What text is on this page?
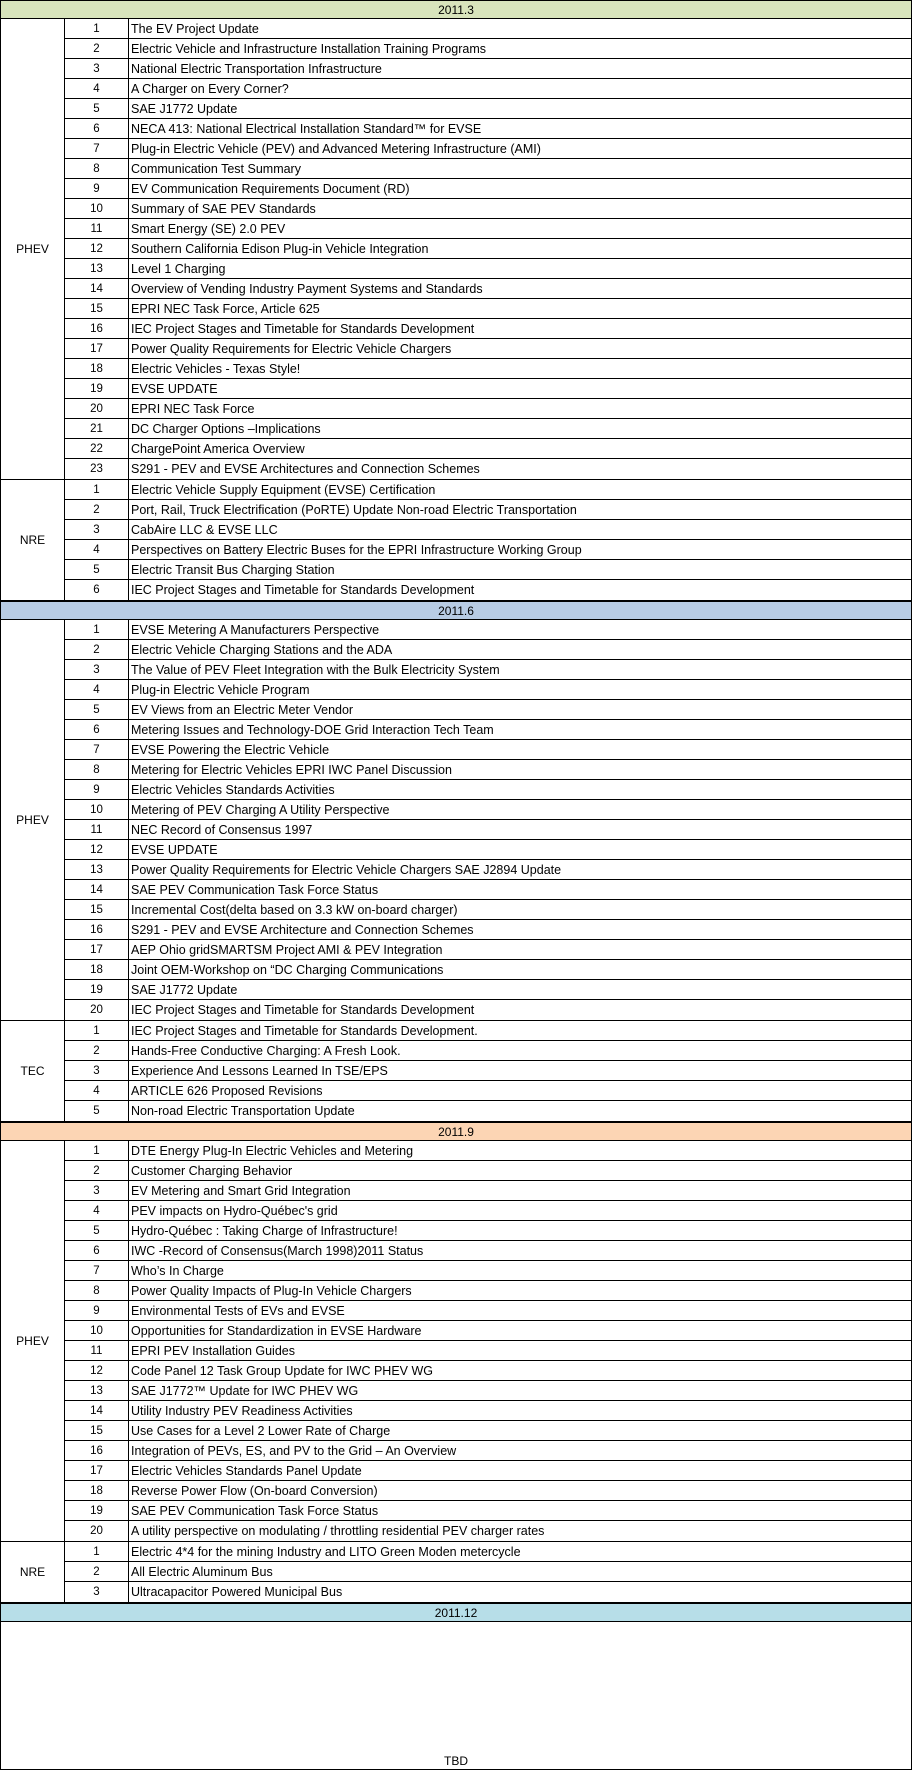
2011.3
PHEV
1	The EV Project Update
2	Electric Vehicle and Infrastructure Installation Training Programs
3	National Electric Transportation Infrastructure
4	A Charger on Every Corner?
5	SAE J1772 Update
6	NECA 413: National Electrical Installation Standard™ for EVSE
7	Plug-in Electric Vehicle (PEV) and Advanced Metering Infrastructure (AMI)
8	Communication Test Summary
9	EV Communication Requirements Document (RD)
10	Summary of SAE PEV Standards
11	Smart Energy (SE) 2.0 PEV
12	Southern California Edison Plug-in Vehicle Integration
13	Level 1 Charging
14	Overview of Vending Industry Payment Systems and Standards
15	EPRI NEC Task Force, Article 625
16	IEC Project Stages and Timetable for Standards Development
17	Power Quality Requirements for Electric Vehicle Chargers
18	Electric Vehicles - Texas Style!
19	EVSE UPDATE
20	EPRI NEC Task Force
21	DC Charger Options –Implications
22	ChargePoint America Overview
23	S291 - PEV and EVSE Architectures and Connection Schemes
NRE
1	Electric Vehicle Supply Equipment (EVSE) Certification
2	Port, Rail, Truck Electrification (PoRTE) Update Non-road Electric Transportation
3	CabAire LLC & EVSE LLC
4	Perspectives on Battery Electric Buses for the EPRI Infrastructure Working Group
5	Electric Transit Bus Charging Station
6	IEC Project Stages and Timetable for Standards Development
2011.6
PHEV
1	EVSE Metering A Manufacturers Perspective
2	Electric Vehicle Charging Stations and the ADA
3	The Value of PEV Fleet Integration with the Bulk Electricity System
4	Plug-in Electric Vehicle Program
5	EV Views from an Electric Meter Vendor
6	Metering Issues and Technology-DOE Grid Interaction Tech Team
7	EVSE Powering the Electric Vehicle
8	Metering for Electric Vehicles EPRI IWC Panel Discussion
9	Electric Vehicles Standards Activities
10	Metering of PEV Charging A Utility Perspective
11	NEC Record of Consensus 1997
12	EVSE UPDATE
13	Power Quality Requirements for Electric Vehicle Chargers SAE J2894 Update
14	SAE PEV Communication Task Force Status
15	Incremental Cost(delta based on 3.3 kW on-board charger)
16	S291 - PEV and EVSE Architecture and Connection Schemes
17	AEP Ohio gridSMARTSM Project AMI & PEV Integration
18	Joint OEM-Workshop on “DC Charging Communications
19	SAE J1772 Update
20	IEC Project Stages and Timetable for Standards Development
TEC
1	IEC Project Stages and Timetable for Standards Development.
2	Hands-Free Conductive Charging: A Fresh Look.
3	Experience And Lessons Learned In TSE/EPS
4	ARTICLE 626 Proposed Revisions
5	Non-road Electric Transportation Update
2011.9
PHEV
1	DTE Energy Plug-In Electric Vehicles and Metering
2	Customer Charging Behavior
3	EV Metering and Smart Grid Integration
4	PEV impacts on Hydro-Québec's grid
5	Hydro-Québec : Taking Charge of Infrastructure!
6	IWC -Record of Consensus(March 1998)2011 Status
7	Who’s In Charge
8	Power Quality Impacts of Plug-In Vehicle Chargers
9	Environmental Tests of EVs and EVSE
10	Opportunities for Standardization in EVSE Hardware
11	EPRI PEV Installation Guides
12	Code Panel 12 Task Group Update for IWC PHEV WG
13	SAE J1772™ Update for IWC PHEV WG
14	Utility Industry PEV Readiness Activities
15	Use Cases for a Level 2 Lower Rate of Charge
16	Integration of PEVs, ES, and PV to the Grid – An Overview
17	Electric Vehicles Standards Panel Update
18	Reverse Power Flow (On-board Conversion)
19	SAE PEV Communication Task Force Status
20	A utility perspective on modulating / throttling residential PEV charger rates
NRE
1	Electric 4*4 for the mining Industry and LITO Green Moden metercycle
2	All Electric Aluminum Bus
3	Ultracapacitor Powered Municipal Bus
2011.12
TBD
